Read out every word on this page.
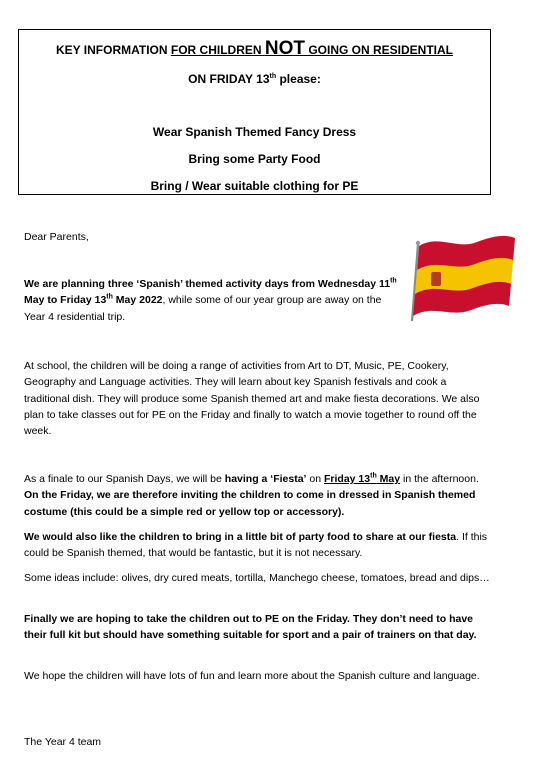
KEY INFORMATION FOR CHILDREN NOT GOING ON RESIDENTIAL
ON FRIDAY 13th please:
Wear Spanish Themed Fancy Dress
Bring some Party Food
Bring / Wear suitable clothing for PE

Dear Parents,

We are planning three ‘Spanish’ themed activity days from Wednesday 11th May to Friday 13th May 2022, while some of our year group are away on the Year 4 residential trip.

At school, the children will be doing a range of activities from Art to DT, Music, PE, Cookery, Geography and Language activities. They will learn about key Spanish festivals and cook a traditional dish. They will produce some Spanish themed art and make fiesta decorations. We also plan to take classes out for PE on the Friday and finally to watch a movie together to round off the week.

As a finale to our Spanish Days, we will be having a ‘Fiesta’ on Friday 13th May in the afternoon. On the Friday, we are therefore inviting the children to come in dressed in Spanish themed costume (this could be a simple red or yellow top or accessory).

We would also like the children to bring in a little bit of party food to share at our fiesta. If this could be Spanish themed, that would be fantastic, but it is not necessary.

Some ideas include: olives, dry cured meats, tortilla, Manchego cheese, tomatoes, bread and dips…

Finally we are hoping to take the children out to PE on the Friday. They don’t need to have their full kit but should have something suitable for sport and a pair of trainers on that day.

We hope the children will have lots of fun and learn more about the Spanish culture and language.

The Year 4 team
